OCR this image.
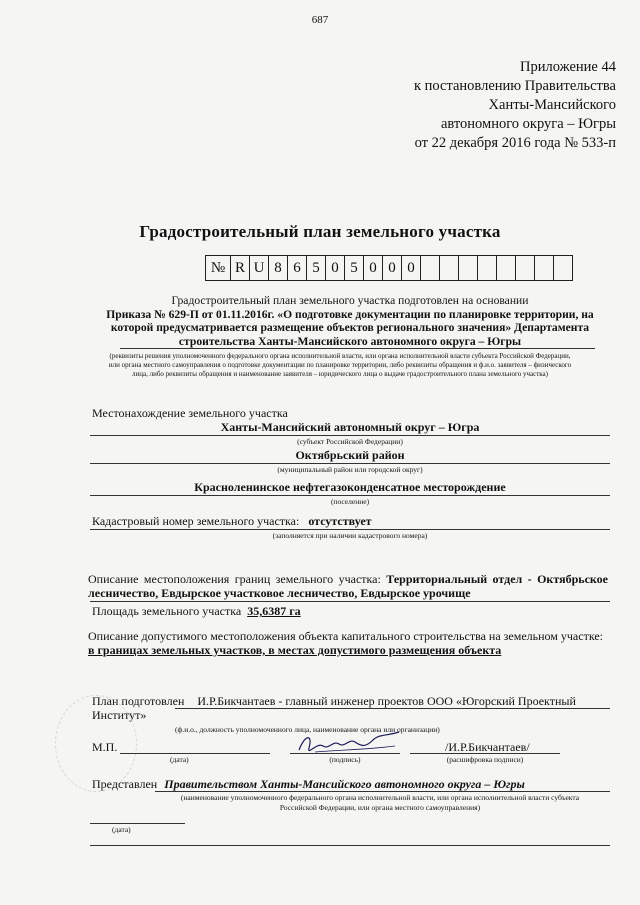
687
Приложение 44
к постановлению Правительства
Ханты-Мансийского
автономного округа – Югры
от 22 декабря 2016 года № 533-п
Градостроительный план земельного участка
№	R	U	8	6	5	0	5	0	0	0								
Градостроительный план земельного участка подготовлен на основании
Приказа № 629-П от 01.11.2016г. «О подготовке документации по планировке территории, на которой предусматривается размещение объектов регионального значения» Департамента строительства Ханты-Мансийского автономного округа – Югры
(реквизиты решения уполномоченного федерального органа исполнительной власти, или органа исполнительной власти субъекта Российской Федерации, или органа местного самоуправления о подготовке документации по планировке территории, либо реквизиты обращения и ф.и.о. заявителя – физического лица, либо реквизиты обращения и наименование заявителя – юридического лица о выдаче градостроительного плана земельного участка)
Местонахождение земельного участка
Ханты-Мансийский автономный округ – Югра
(субъект Российской Федерации)
Октябрьский район
(муниципальный район или городской округ)
Красноленинское нефтегазоконденсатное месторождение
(поселение)
Кадастровый номер земельного участка: отсутствует
(заполняется при наличии кадастрового номера)
Описание местоположения границ земельного участка: Территориальный отдел - Октябрьское лесничество, Евдырское участковое лесничество, Евдырское урочище
Площадь земельного участка 35,6387 га
Описание допустимого местоположения объекта капитального строительства на земельном участке:
в границах земельных участков, в местах допустимого размещения объекта
План подготовлен И.Р.Бикчантаев - главный инженер проектов ООО «Югорский Проектный Институт»
(ф.и.о., должность уполномоченного лица, наименование органа или организации)
М.П.
(дата)	(подпись)
/И.Р.Бикчантаев/
(расшифровка подписи)
Представлен Правительством Ханты-Мансийского автономного округа – Югры
(наименование уполномоченного федерального органа исполнительной власти, или органа исполнительной власти субъекта Российской Федерации, или органа местного самоуправления)
(дата)
